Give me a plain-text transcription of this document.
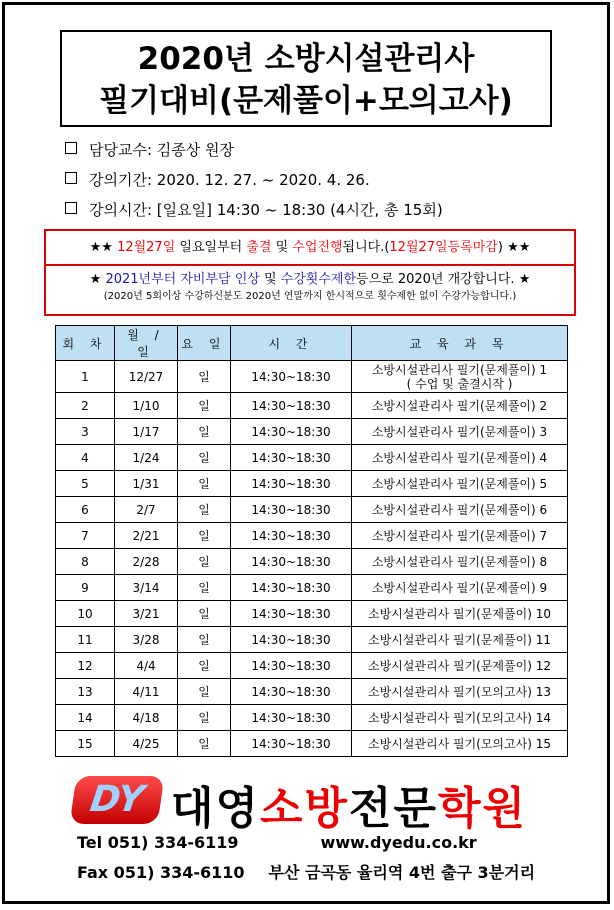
2020년 소방시설관리사
필기대비(문제풀이+모의고사)
담당교수: 김종상 원장
강의기간: 2020. 12. 27. ~ 2020. 4. 26.
강의시간: [일요일] 14:30 ~ 18:30 (4시간, 총 15회)
★★ 12월27일 일요일부터 출결 및 수업진행됩니다.(12월27일등록마감) ★★
★ 2021년부터 자비부담 인상 및 수강횟수제한등으로 2020년 개강합니다. ★
(2020년 5회이상 수강하신분도 2020년 연말까지 한시적으로 횟수제한 없이 수강가능합니다.)
회 차	월 / 일	요 일	시 간	교 육 과 목
1	12/27	일	14:30~18:30	소방시설관리사 필기(문제풀이) 1
( 수업 및 출결시작 )

2	1/10	일	14:30~18:30	소방시설관리사 필기(문제풀이) 2

3	1/17	일	14:30~18:30	소방시설관리사 필기(문제풀이) 3

4	1/24	일	14:30~18:30	소방시설관리사 필기(문제풀이) 4

5	1/31	일	14:30~18:30	소방시설관리사 필기(문제풀이) 5

6	2/7	일	14:30~18:30	소방시설관리사 필기(문제풀이) 6

7	2/21	일	14:30~18:30	소방시설관리사 필기(문제풀이) 7

8	2/28	일	14:30~18:30	소방시설관리사 필기(문제풀이) 8

9	3/14	일	14:30~18:30	소방시설관리사 필기(문제풀이) 9

10	3/21	일	14:30~18:30	소방시설관리사 필기(문제풀이) 10

11	3/28	일	14:30~18:30	소방시설관리사 필기(문제풀이) 11

12	4/4	일	14:30~18:30	소방시설관리사 필기(문제풀이) 12

13	4/11	일	14:30~18:30	소방시설관리사 필기(모의고사) 13

14	4/18	일	14:30~18:30	소방시설관리사 필기(모의고사) 14

15	4/25	일	14:30~18:30	소방시설관리사 필기(모의고사) 15
DY 대영소방전문학원
Tel 051) 334-6119	www.dyedu.co.kr
Fax 051) 334-6110 부산 금곡동 율리역 4번 출구 3분거리
